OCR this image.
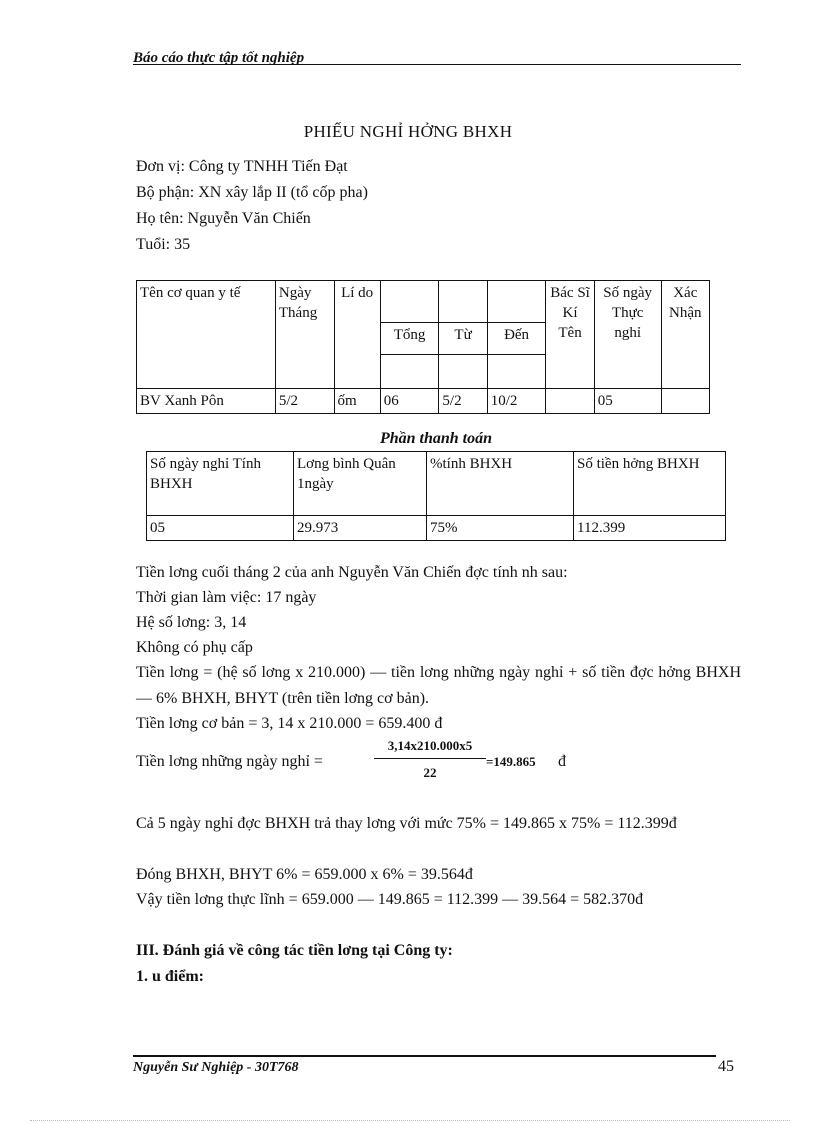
Báo cáo thực tập tốt nghiệp
PHIẾU NGHỈ HỞNG BHXH
Đơn vị: Công ty TNHH Tiến Đạt
Bộ phận: XN xây lắp II (tổ cốp pha)
Họ tên: Nguyễn Văn Chiến
Tuổi: 35
Tên cơ quan y tế	Ngày Tháng	Lí do				Bác Sĩ Kí Tên	Số ngày Thực nghỉ	Xác Nhận
			Tổng	Từ	Đến			

BV Xanh Pôn	5/2	ốm	06	5/2	10/2		05	
Phần thanh toán
Số ngày nghỉ Tính BHXH	Lơng bình Quân 1ngày	%tính BHXH	Số tiền hởng BHXH
05	29.973	75%	112.399
Tiền lơng cuối tháng 2 của anh Nguyễn Văn Chiến đợc tính nh sau:
Thời gian làm việc: 17 ngày
Hệ số lơng: 3, 14
Không có phụ cấp
Tiền lơng = (hệ số lơng x 210.000) — tiền lơng những ngày nghỉ + số tiền đợc hởng BHXH — 6% BHXH, BHYT (trên tiền lơng cơ bản).
Tiền lơng cơ bản = 3, 14 x 210.000 = 659.400 đ
Tiền lơng những ngày nghỉ =	$\frac{3,14x210.000x5}{22} =149.865$ đ
Cả 5 ngày nghỉ đợc BHXH trả thay lơng với mức 75% = 149.865 x 75% = 112.399đ
Đóng BHXH, BHYT 6% = 659.000 x 6% = 39.564đ
Vậy tiền lơng thực lĩnh = 659.000 — 149.865 = 112.399 — 39.564 = 582.370đ
III. Đánh giá về công tác tiền lơng tại Công ty:
1. u điểm:
Nguyễn Sư Nghiệp - 30T768	45
